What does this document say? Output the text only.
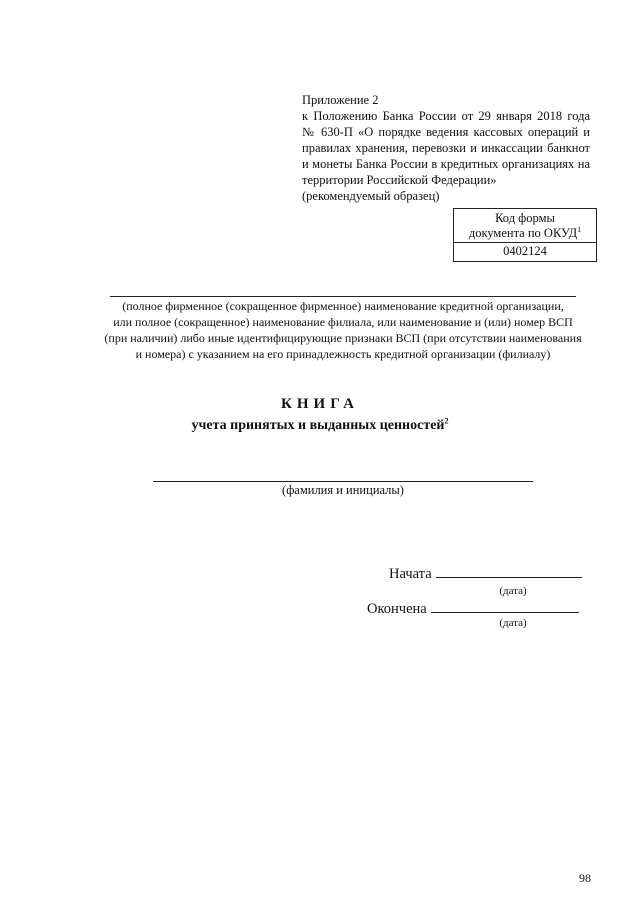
Приложение 2
к Положению Банка России от 29 января 2018 года
№ 630-П «О порядке ведения кассовых операций и
правилах хранения, перевозки и инкассации банкнот
и монеты Банка России в кредитных организациях на
территории Российской Федерации»
(рекомендуемый образец)
Код формы
документа по ОКУД$^1$
0402124
(полное фирменное (сокращенное фирменное) наименование кредитной организации,
или полное (сокращенное) наименование филиала, или наименование и (или) номер ВСП
(при наличии) либо иные идентифицирующие признаки ВСП (при отсутствии наименования
и номера) с указанием на его принадлежность кредитной организации (филиалу)
КНИГА
учета принятых и выданных ценностей$^2$
(фамилия и инициалы)
Начата
(дата)
Окончена
(дата)
98
